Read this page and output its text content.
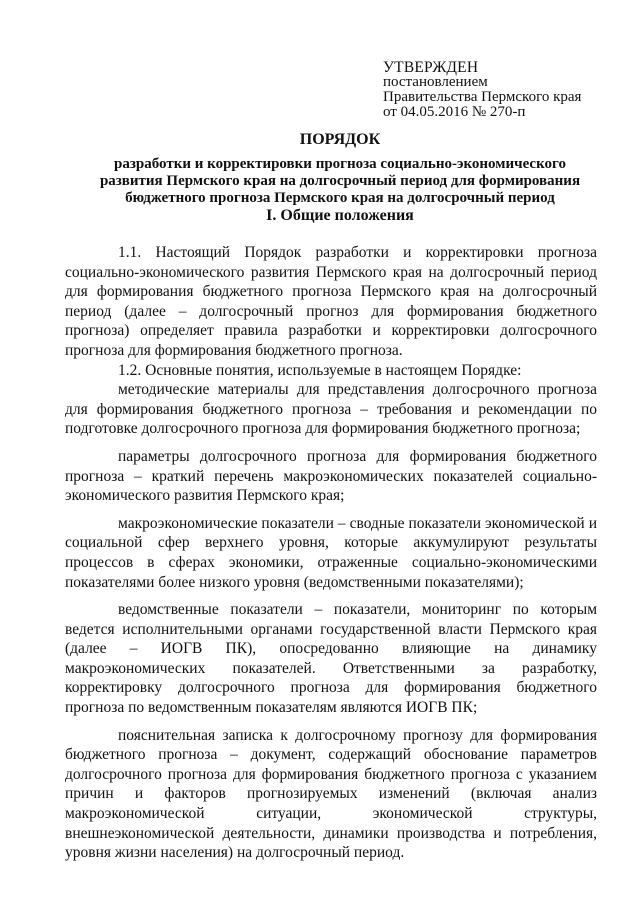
УТВЕРЖДЕН
постановлением
Правительства Пермского края
от 04.05.2016 № 270-п
ПОРЯДОК
разработки и корректировки прогноза социально-экономического развития Пермского края на долгосрочный период для формирования бюджетного прогноза Пермского края на долгосрочный период
I. Общие положения

1.1. Настоящий Порядок разработки и корректировки прогноза социально-экономического развития Пермского края на долгосрочный период для формирования бюджетного прогноза Пермского края на долгосрочный период (далее – долгосрочный прогноз для формирования бюджетного прогноза) определяет правила разработки и корректировки долгосрочного прогноза для формирования бюджетного прогноза.

1.2. Основные понятия, используемые в настоящем Порядке:

методические материалы для представления долгосрочного прогноза для формирования бюджетного прогноза – требования и рекомендации по подготовке долгосрочного прогноза для формирования бюджетного прогноза;

параметры долгосрочного прогноза для формирования бюджетного прогноза – краткий перечень макроэкономических показателей социально-экономического развития Пермского края;

макроэкономические показатели – сводные показатели экономической и социальной сфер верхнего уровня, которые аккумулируют результаты процессов в сферах экономики, отраженные социально-экономическими показателями более низкого уровня (ведомственными показателями);

ведомственные показатели – показатели, мониторинг по которым ведется исполнительными органами государственной власти Пермского края (далее – ИОГВ ПК), опосредованно влияющие на динамику макроэкономических показателей. Ответственными за разработку, корректировку долгосрочного прогноза для формирования бюджетного прогноза по ведомственным показателям являются ИОГВ ПК;

пояснительная записка к долгосрочному прогнозу для формирования бюджетного прогноза – документ, содержащий обоснование параметров долгосрочного прогноза для формирования бюджетного прогноза с указанием причин и факторов прогнозируемых изменений (включая анализ макроэкономической ситуации, экономической структуры, внешнеэкономической деятельности, динамики производства и потребления, уровня жизни населения) на долгосрочный период.
